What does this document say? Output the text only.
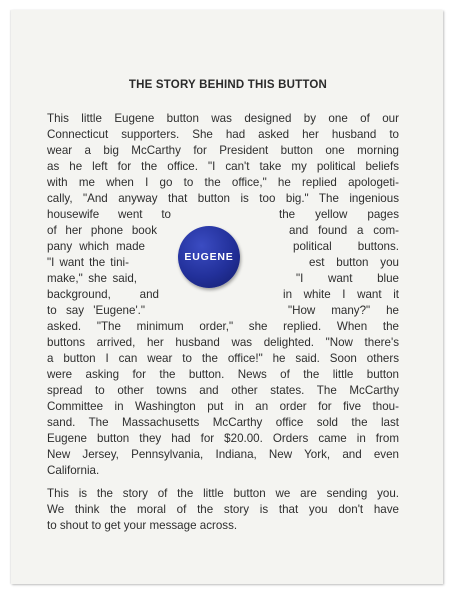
THE STORY BEHIND THIS BUTTON
This little Eugene button was designed by one of our
Connecticut supporters. She had asked her husband to
wear a big McCarthy for President button one morning
as he left for the office. "I can't take my political beliefs
with me when I go to the office," he replied apologeti-
cally, "And anyway that button is too big." The ingenious
housewife went to	the yellow pages
of her phone book	and found a com-
pany which made	political buttons.
"I want the tini-	est button you
make," she said,	"I want blue
background, and	in white I want it
to say 'Eugene'."	"How many?" he
asked. "The minimum order," she replied. When the
buttons arrived, her husband was delighted. "Now there's
a button I can wear to the office!" he said. Soon others
were asking for the button. News of the little button
spread to other towns and other states. The McCarthy
Committee in Washington put in an order for five thou-
sand. The Massachusetts McCarthy office sold the last
Eugene button they had for $20.00. Orders came in from
New Jersey, Pennsylvania, Indiana, New York, and even
California.
This is the story of the little button we are sending you.
We think the moral of the story is that you don't have
to shout to get your message across.
EUGENE
